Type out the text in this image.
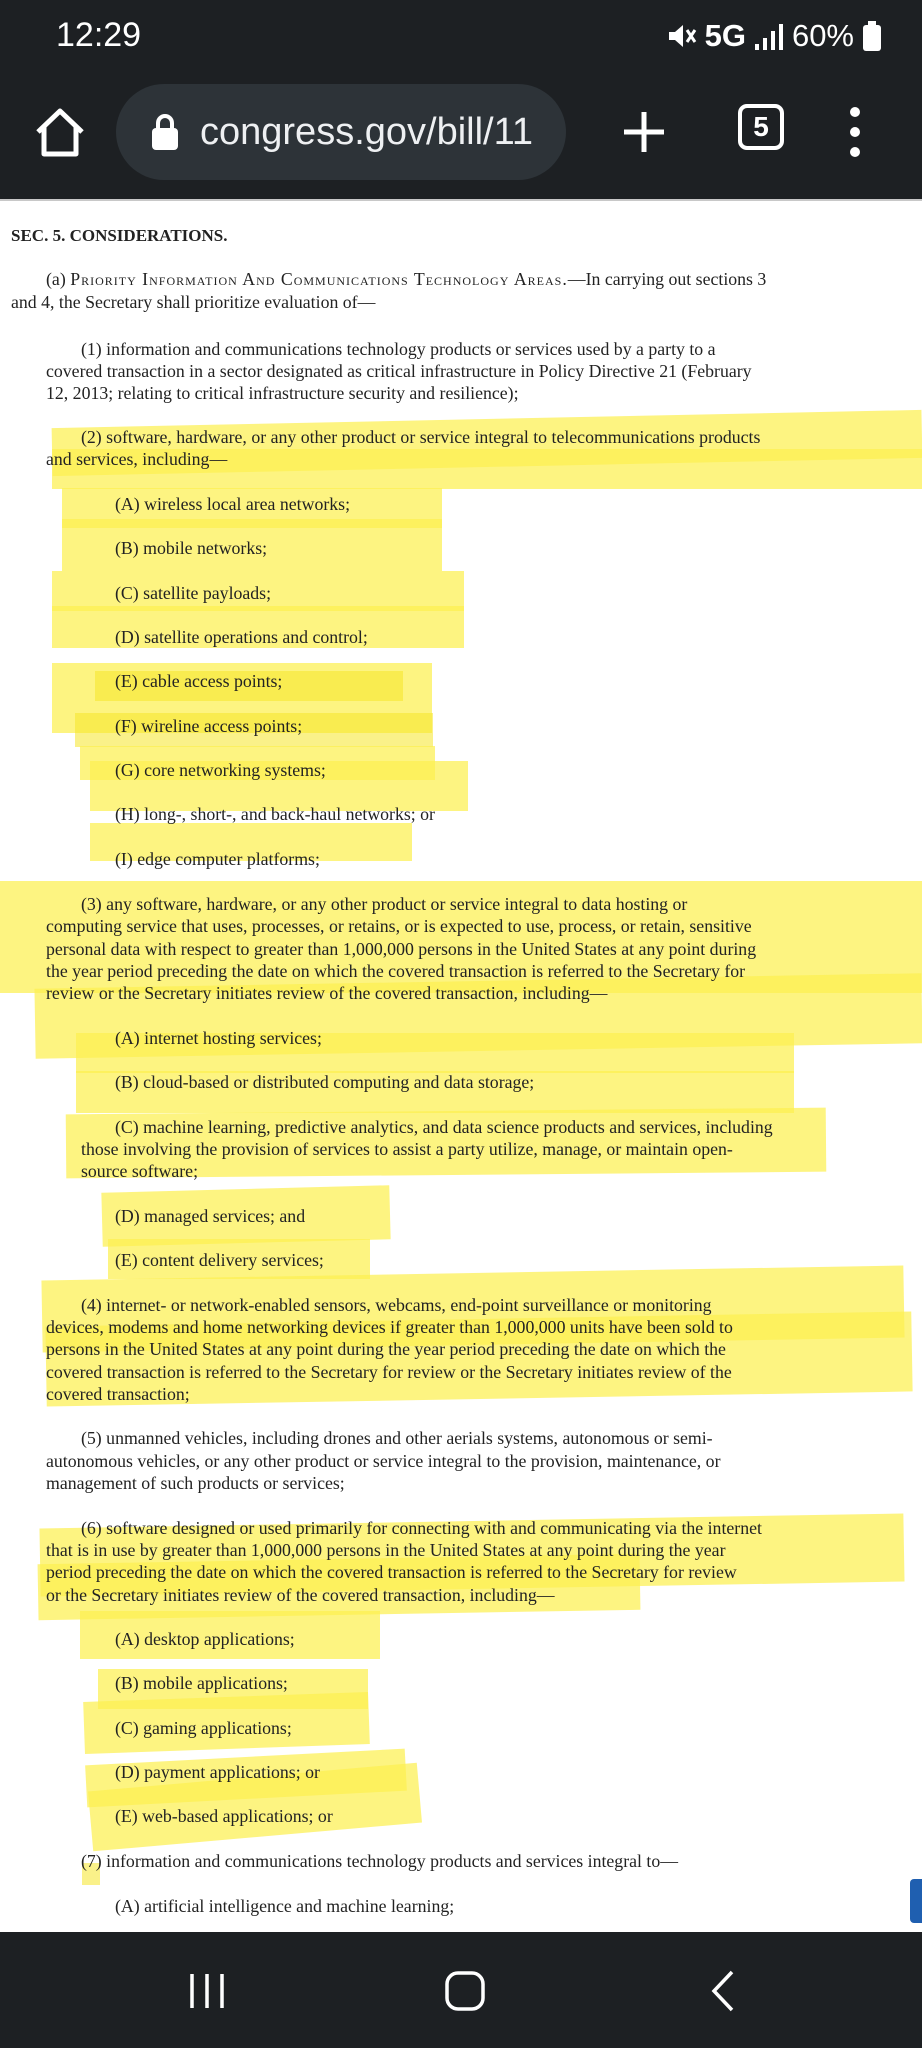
12:29	5G 60%
congress.gov/bill/11	5
SEC. 5. CONSIDERATIONS.
(a) Priority Information And Communications Technology Areas.—In carrying out sections 3
and 4, the Secretary shall prioritize evaluation of—
(1) information and communications technology products or services used by a party to a
covered transaction in a sector designated as critical infrastructure in Policy Directive 21 (February
12, 2013; relating to critical infrastructure security and resilience);
(2) software, hardware, or any other product or service integral to telecommunications products
and services, including—
(A) wireless local area networks;
(B) mobile networks;
(C) satellite payloads;
(D) satellite operations and control;
(E) cable access points;
(F) wireline access points;
(G) core networking systems;
(H) long-, short-, and back-haul networks; or
(I) edge computer platforms;
(3) any software, hardware, or any other product or service integral to data hosting or
computing service that uses, processes, or retains, or is expected to use, process, or retain, sensitive
personal data with respect to greater than 1,000,000 persons in the United States at any point during
the year period preceding the date on which the covered transaction is referred to the Secretary for
review or the Secretary initiates review of the covered transaction, including—
(A) internet hosting services;
(B) cloud-based or distributed computing and data storage;
(C) machine learning, predictive analytics, and data science products and services, including
those involving the provision of services to assist a party utilize, manage, or maintain open-
source software;
(D) managed services; and
(E) content delivery services;
(4) internet- or network-enabled sensors, webcams, end-point surveillance or monitoring
devices, modems and home networking devices if greater than 1,000,000 units have been sold to
persons in the United States at any point during the year period preceding the date on which the
covered transaction is referred to the Secretary for review or the Secretary initiates review of the
covered transaction;
(5) unmanned vehicles, including drones and other aerials systems, autonomous or semi-
autonomous vehicles, or any other product or service integral to the provision, maintenance, or
management of such products or services;
(6) software designed or used primarily for connecting with and communicating via the internet
that is in use by greater than 1,000,000 persons in the United States at any point during the year
period preceding the date on which the covered transaction is referred to the Secretary for review
or the Secretary initiates review of the covered transaction, including—
(A) desktop applications;
(B) mobile applications;
(C) gaming applications;
(D) payment applications; or
(E) web-based applications; or
(7) information and communications technology products and services integral to—
(A) artificial intelligence and machine learning;
